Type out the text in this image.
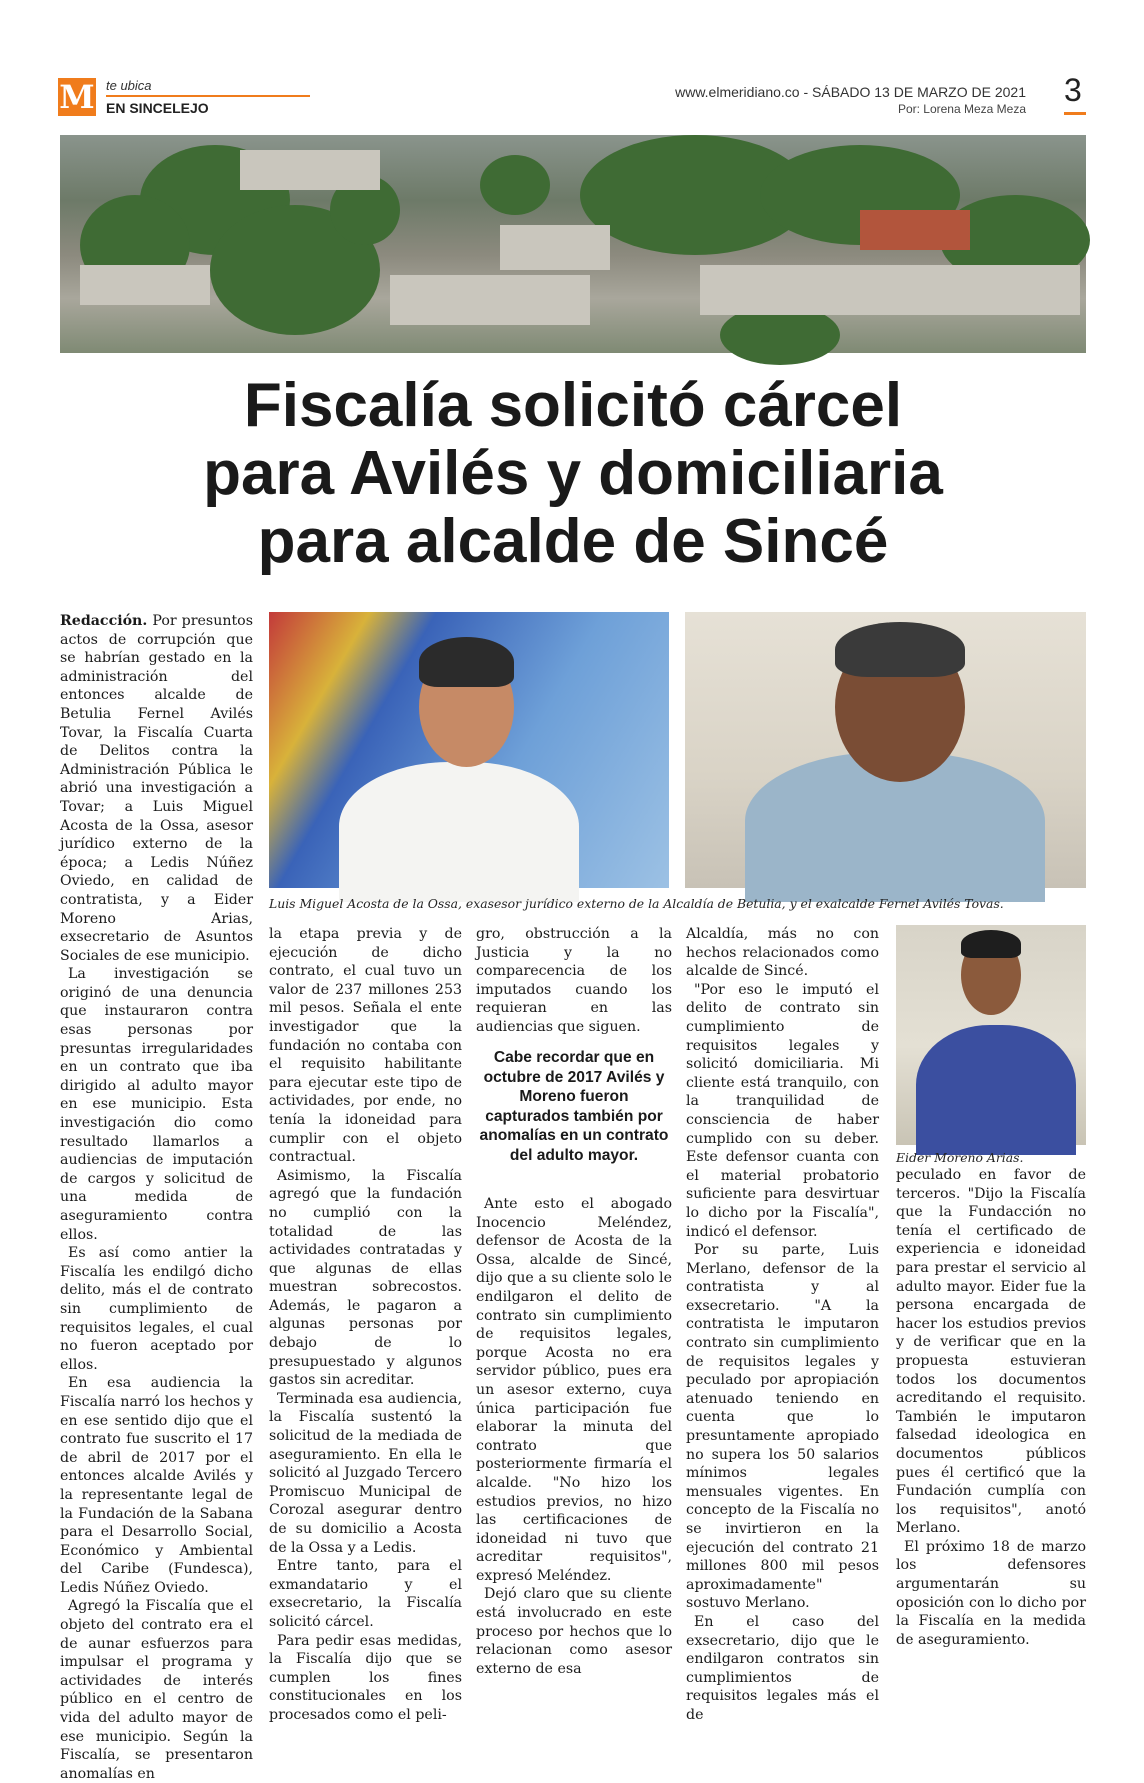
M te ubica
EN SINCELEJO
www.elmeridiano.co - SÁBADO 13 DE MARZO DE 2021
Por: Lorena Meza Meza
3
Fiscalía solicitó cárcel
para Avilés y domiciliaria
para alcalde de Sincé

Redacción. Por presuntos actos de corrupción que se habrían gestado en la administración del entonces alcalde de Betulia Fernel Avilés Tovar, la Fiscalía Cuarta de Delitos contra la Administración Pública le abrió una investigación a Tovar; a Luis Miguel Acosta de la Ossa, asesor jurídico externo de la época; a Ledis Núñez Oviedo, en calidad de contratista, y a Eider Moreno Arias, exsecretario de Asuntos Sociales de ese municipio.

La investigación se originó de una denuncia que instauraron contra esas personas por presuntas irregularidades en un contrato que iba dirigido al adulto mayor en ese municipio. Esta investigación dio como resultado llamarlos a audiencias de imputación de cargos y solicitud de una medida de aseguramiento contra ellos.

Es así como antier la Fiscalía les endilgó dicho delito, más el de contrato sin cumplimiento de requisitos legales, el cual no fueron aceptado por ellos.

En esa audiencia la Fiscalía narró los hechos y en ese sentido dijo que el contrato fue suscrito el 17 de abril de 2017 por el entonces alcalde Avilés y la representante legal de la Fundación de la Sabana para el Desarrollo Social, Económico y Ambiental del Caribe (Fundesca), Ledis Núñez Oviedo.

Agregó la Fiscalía que el objeto del contrato era el de aunar esfuerzos para impulsar el programa y actividades de interés público en el centro de vida del adulto mayor de ese municipio. Según la Fiscalía, se presentaron anomalías en

Luis Miguel Acosta de la Ossa, exasesor jurídico externo de la Alcaldía de Betulia, y el exalcalde Fernel Avilés Tovas.

la etapa previa y de ejecución de dicho contrato, el cual tuvo un valor de 237 millones 253 mil pesos. Señala el ente investigador que la fundación no contaba con el requisito habilitante para ejecutar este tipo de actividades, por ende, no tenía la idoneidad para cumplir con el objeto contractual.

Asimismo, la Fiscalía agregó que la fundación no cumplió con la totalidad de las actividades contratadas y que algunas de ellas muestran sobrecostos. Además, le pagaron a algunas personas por debajo de lo presupuestado y algunos gastos sin acreditar.

Terminada esa audiencia, la Fiscalía sustentó la solicitud de la mediada de aseguramiento. En ella le solicitó al Juzgado Tercero Promiscuo Municipal de Corozal asegurar dentro de su domicilio a Acosta de la Ossa y a Ledis.

Entre tanto, para el exmandatario y el exsecretario, la Fiscalía solicitó cárcel.

Para pedir esas medidas, la Fiscalía dijo que se cumplen los fines constitucionales en los procesados como el peli-

gro, obstrucción a la Justicia y la no comparecencia de los imputados cuando los requieran en las audiencias que siguen.

Cabe recordar que en octubre de 2017 Avilés y Moreno fueron capturados también por anomalías en un contrato del adulto mayor.

Ante esto el abogado Inocencio Meléndez, defensor de Acosta de la Ossa, alcalde de Sincé, dijo que a su cliente solo le endilgaron el delito de contrato sin cumplimiento de requisitos legales, porque Acosta no era servidor público, pues era un asesor externo, cuya única participación fue elaborar la minuta del contrato que posteriormente firmaría el alcalde. "No hizo los estudios previos, no hizo las certificaciones de idoneidad ni tuvo que acreditar requisitos", expresó Meléndez.

Dejó claro que su cliente está involucrado en este proceso por hechos que lo relacionan como asesor externo de esa

Alcaldía, más no con hechos relacionados como alcalde de Sincé.

"Por eso le imputó el delito de contrato sin cumplimiento de requisitos legales y solicitó domiciliaria. Mi cliente está tranquilo, con la tranquilidad de consciencia de haber cumplido con su deber. Este defensor cuanta con el material probatorio suficiente para desvirtuar lo dicho por la Fiscalía", indicó el defensor.

Por su parte, Luis Merlano, defensor de la contratista y al exsecretario. "A la contratista le imputaron contrato sin cumplimiento de requisitos legales y peculado por apropiación atenuado teniendo en cuenta que lo presuntamente apropiado no supera los 50 salarios mínimos legales mensuales vigentes. En concepto de la Fiscalía no se invirtieron en la ejecución del contrato 21 millones 800 mil pesos aproximadamente" sostuvo Merlano.

En el caso del exsecretario, dijo que le endilgaron contratos sin cumplimientos de requisitos legales más el de

Eider Moreno Arias.

peculado en favor de terceros. "Dijo la Fiscalía que la Fundacción no tenía el certificado de experiencia e idoneidad para prestar el servicio al adulto mayor. Eider fue la persona encargada de hacer los estudios previos y de verificar que en la propuesta estuvieran todos los documentos acreditando el requisito. También le imputaron falsedad ideologica en documentos públicos pues él certificó que la Fundación cumplía con los requisitos", anotó Merlano.

El próximo 18 de marzo los defensores argumentarán su oposición con lo dicho por la Fiscalía en la medida de aseguramiento.
